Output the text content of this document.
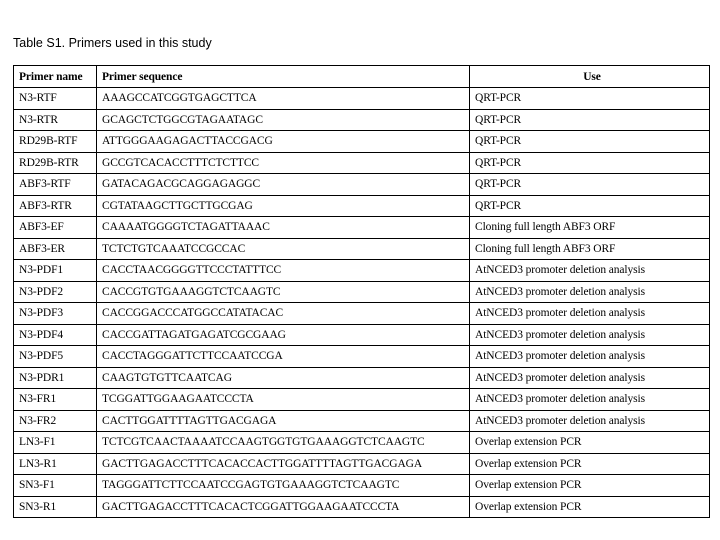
Table S1. Primers used in this study
Primer name	Primer sequence	Use
N3-RTF	AAAGCCATCGGTGAGCTTCA	QRT-PCR
N3-RTR	GCAGCTCTGGCGTAGAATAGC	QRT-PCR
RD29B-RTF	ATTGGGAAGAGACTTACCGACG	QRT-PCR
RD29B-RTR	GCCGTCACACCTTTCTCTTCC	QRT-PCR
ABF3-RTF	GATACAGACGCAGGAGAGGC	QRT-PCR
ABF3-RTR	CGTATAAGCTTGCTTGCGAG	QRT-PCR
ABF3-EF	CAAAATGGGGTCTAGATTAAAC	Cloning full length ABF3 ORF
ABF3-ER	TCTCTGTCAAATCCGCCAC	Cloning full length ABF3 ORF
N3-PDF1	CACCTAACGGGGTTCCCTATTTCC	AtNCED3 promoter deletion analysis
N3-PDF2	CACCGTGTGAAAGGTCTCAAGTC	AtNCED3 promoter deletion analysis
N3-PDF3	CACCGGACCCATGGCCATATACAC	AtNCED3 promoter deletion analysis
N3-PDF4	CACCGATTAGATGAGATCGCGAAG	AtNCED3 promoter deletion analysis
N3-PDF5	CACCTAGGGATTCTTCCAATCCGA	AtNCED3 promoter deletion analysis
N3-PDR1	CAAGTGTGTTCAATCAG	AtNCED3 promoter deletion analysis
N3-FR1	TCGGATTGGAAGAATCCCTA	AtNCED3 promoter deletion analysis
N3-FR2	CACTTGGATTTTAGTTGACGAGA	AtNCED3 promoter deletion analysis
LN3-F1	TCTCGTCAACTAAAATCCAAGTGGTGTGAAAGGTCTCAAGTC	Overlap extension PCR
LN3-R1	GACTTGAGACCTTTCACACCACTTGGATTTTAGTTGACGAGA	Overlap extension PCR
SN3-F1	TAGGGATTCTTCCAATCCGAGTGTGAAAGGTCTCAAGTC	Overlap extension PCR
SN3-R1	GACTTGAGACCTTTCACACTCGGATTGGAAGAATCCCTA	Overlap extension PCR
